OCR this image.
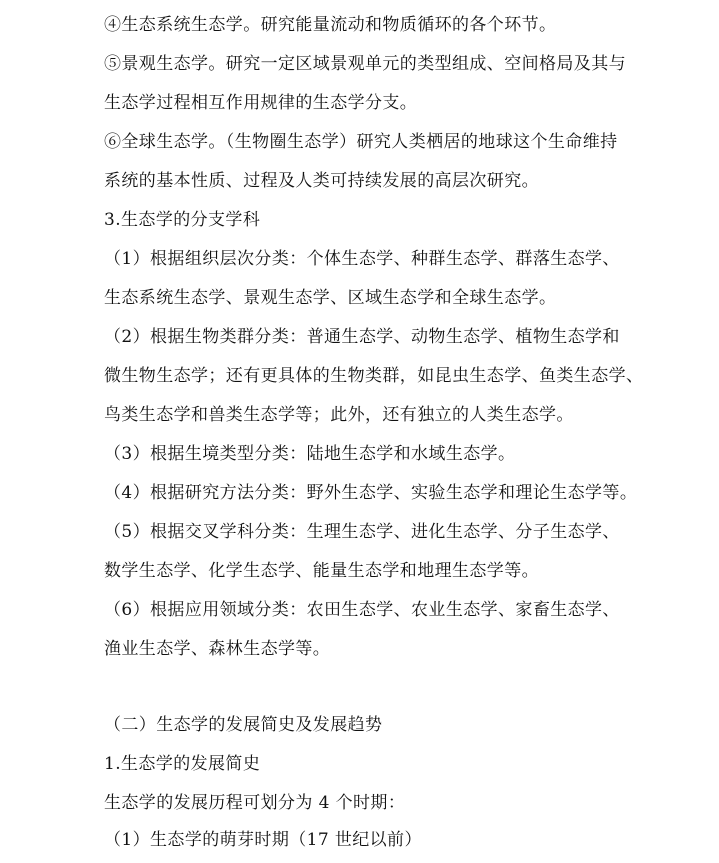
④生态系统生态学。研究能量流动和物质循环的各个环节。
⑤景观生态学。研究一定区域景观单元的类型组成、空间格局及其与
生态学过程相互作用规律的生态学分支。
⑥全球生态学。（生物圈生态学）研究人类栖居的地球这个生命维持
系统的基本性质、过程及人类可持续发展的高层次研究。
3.生态学的分支学科
（1）根据组织层次分类：个体生态学、种群生态学、群落生态学、
生态系统生态学、景观生态学、区域生态学和全球生态学。
（2）根据生物类群分类：普通生态学、动物生态学、植物生态学和
微生物生态学；还有更具体的生物类群，如昆虫生态学、鱼类生态学、
鸟类生态学和兽类生态学等；此外，还有独立的人类生态学。
（3）根据生境类型分类：陆地生态学和水域生态学。
（4）根据研究方法分类：野外生态学、实验生态学和理论生态学等。
（5）根据交叉学科分类：生理生态学、进化生态学、分子生态学、
数学生态学、化学生态学、能量生态学和地理生态学等。
（6）根据应用领域分类：农田生态学、农业生态学、家畜生态学、
渔业生态学、森林生态学等。
（二）生态学的发展简史及发展趋势
1.生态学的发展简史
生态学的发展历程可划分为 4 个时期：
（1）生态学的萌芽时期（17 世纪以前）
